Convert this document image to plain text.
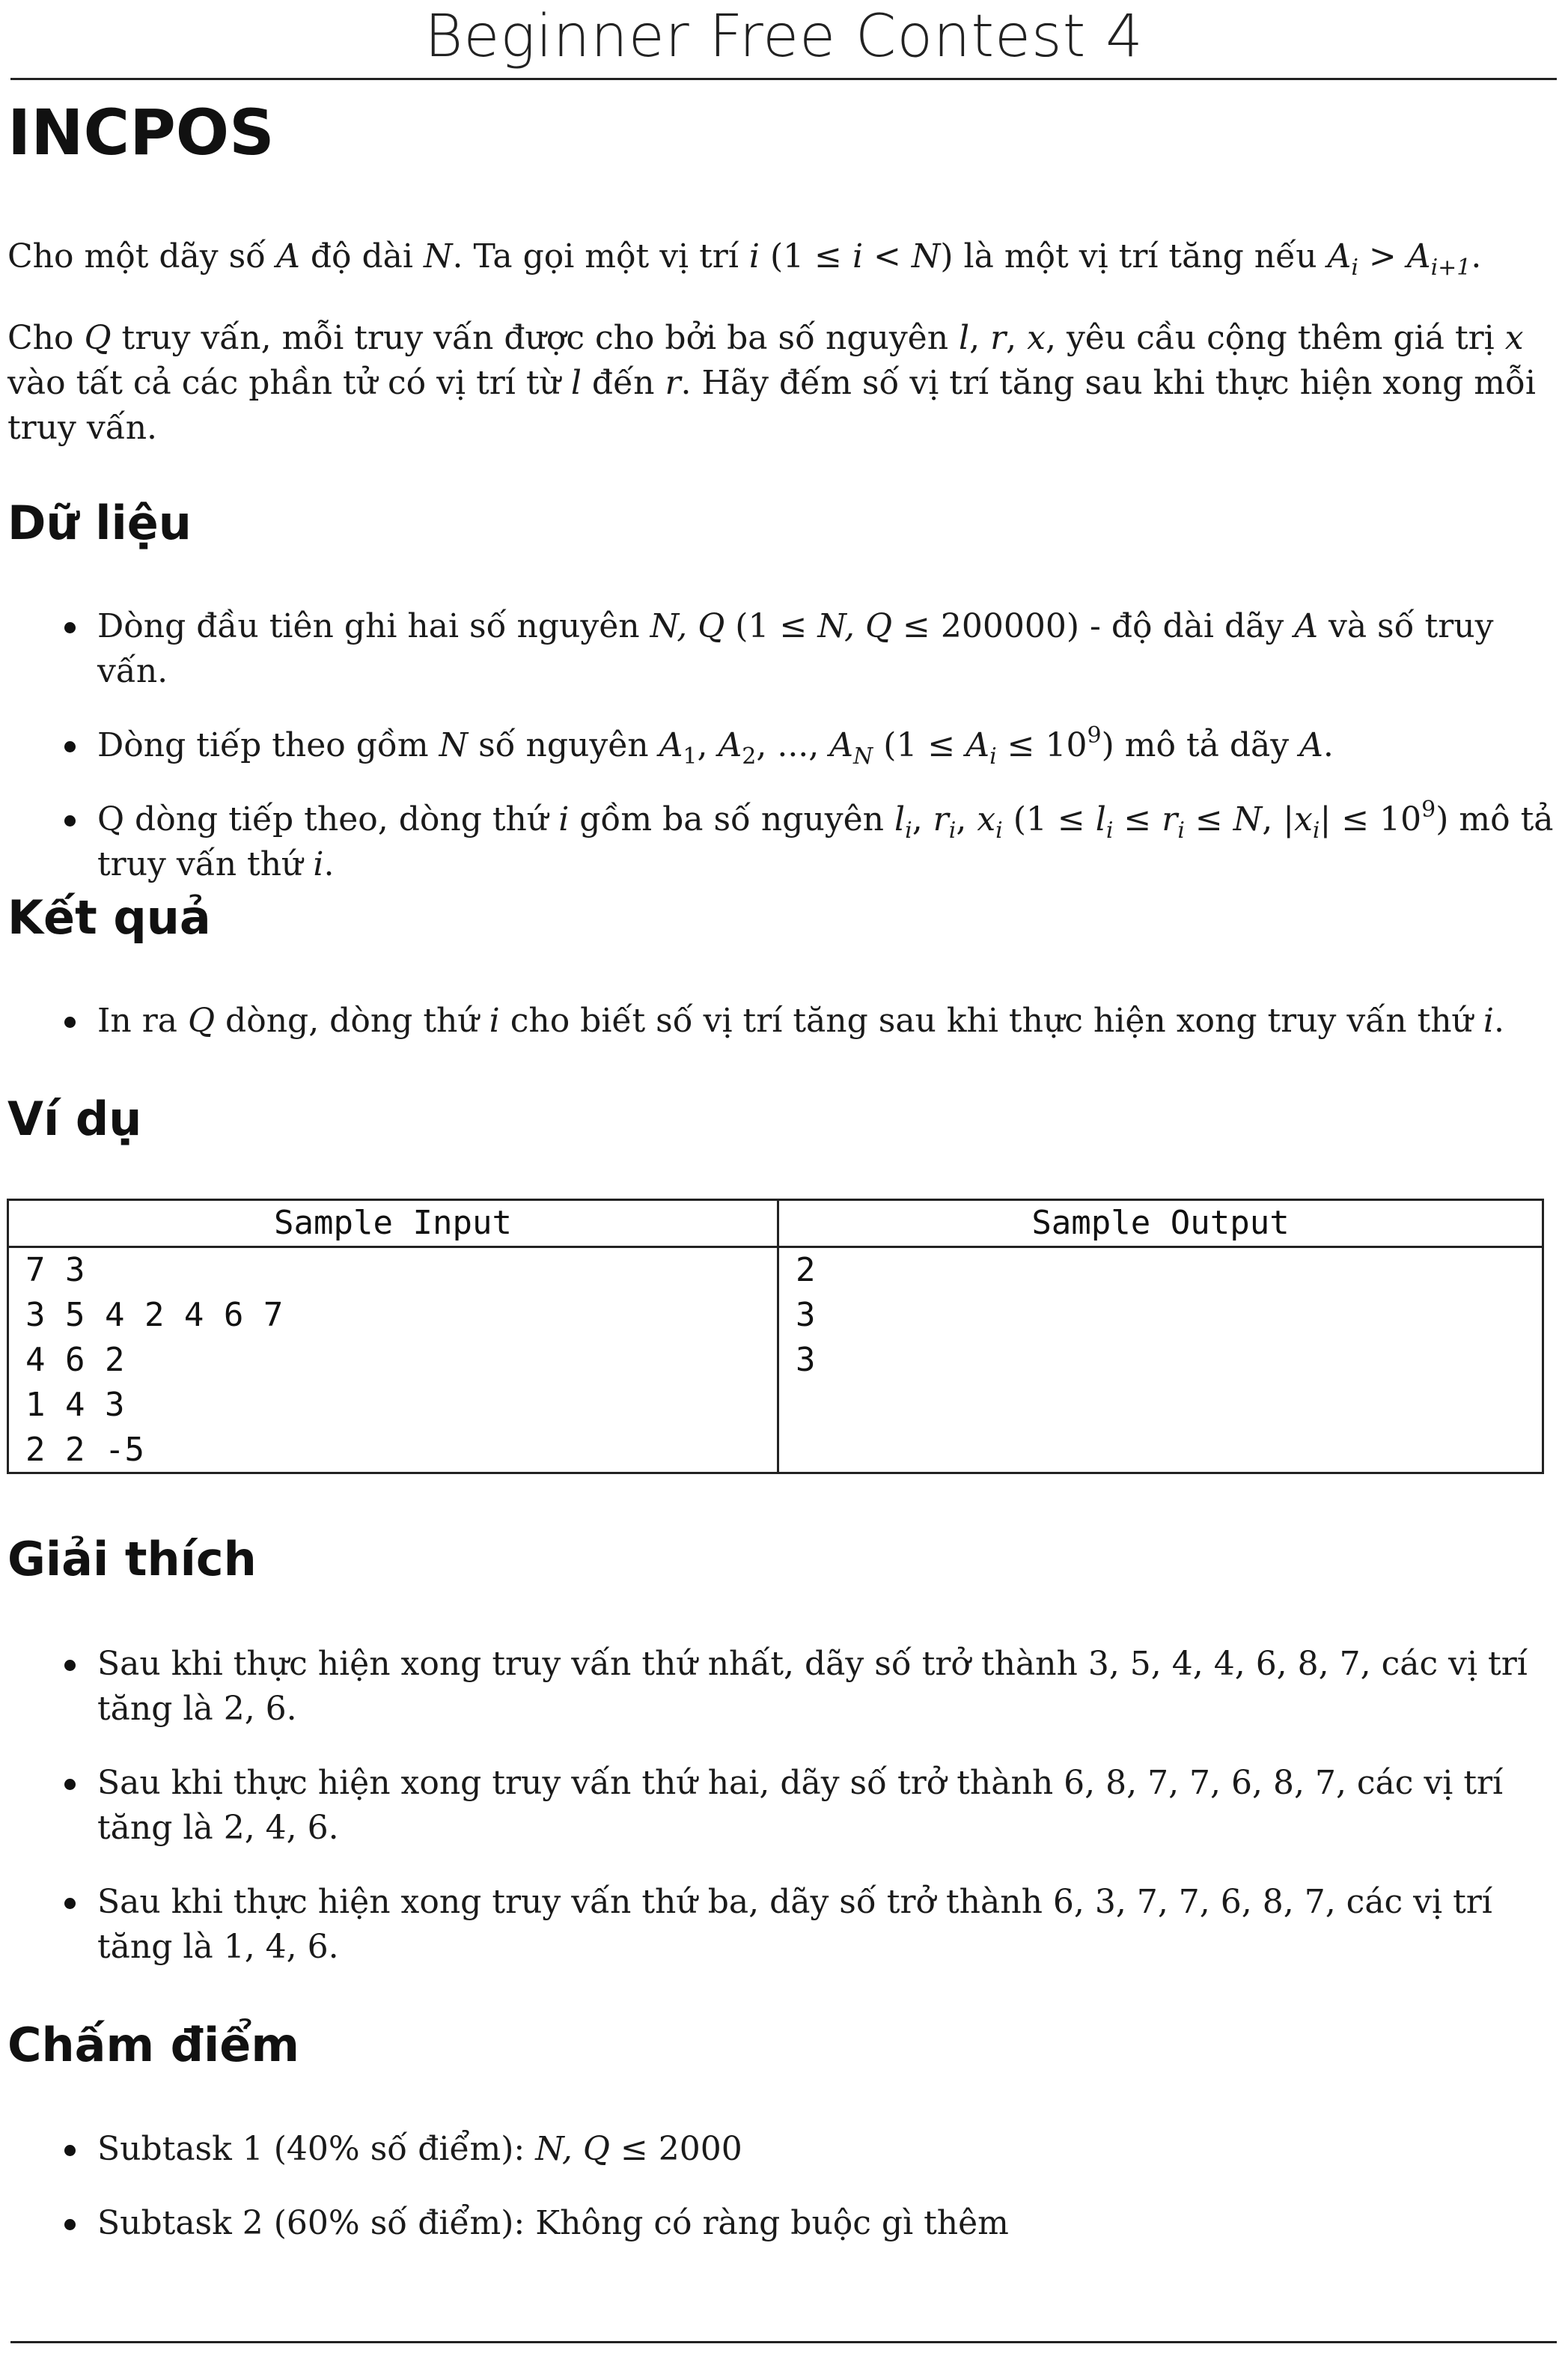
Beginner Free Contest 4
INCPOS
Cho một dãy số A độ dài N. Ta gọi một vị trí i (1 ≤ i < N) là một vị trí tăng nếu $A_i > A_{i+1}$.
Cho Q truy vấn, mỗi truy vấn được cho bởi ba số nguyên l, r, x, yêu cầu cộng thêm giá trị x vào tất cả các phần tử có vị trí từ l đến r. Hãy đếm số vị trí tăng sau khi thực hiện xong mỗi truy vấn.
Dữ liệu
Dòng đầu tiên ghi hai số nguyên N, Q (1 ≤ N, Q ≤ 200000) - độ dài dãy A và số truy vấn.
Dòng tiếp theo gồm N số nguyên $A_1$, $A_2$, ..., $A_N$ $(1 \le A_i \le 10^9)$ mô tả dãy A.
Q dòng tiếp theo, dòng thứ i gồm ba số nguyên $l_i$, $r_i$, $x_i$ ($1 \le l_i \le r_i \le N$, $|x_i| \le 10^9$) mô tả truy vấn thứ i.
Kết quả
In ra Q dòng, dòng thứ i cho biết số vị trí tăng sau khi thực hiện xong truy vấn thứ i.
Ví dụ
Sample Input
7 3
3 5 4 2 4 6 7
4 6 2
1 4 3
2 2 -5
Sample Output
2
3
3
Giải thích
Sau khi thực hiện xong truy vấn thứ nhất, dãy số trở thành 3, 5, 4, 4, 6, 8, 7, các vị trí tăng là 2, 6.
Sau khi thực hiện xong truy vấn thứ hai, dãy số trở thành 6, 8, 7, 7, 6, 8, 7, các vị trí tăng là 2, 4, 6.
Sau khi thực hiện xong truy vấn thứ ba, dãy số trở thành 6, 3, 7, 7, 6, 8, 7, các vị trí tăng là 1, 4, 6.
Chấm điểm
Subtask 1 (40% số điểm): N, Q ≤ 2000
Subtask 2 (60% số điểm): Không có ràng buộc gì thêm
